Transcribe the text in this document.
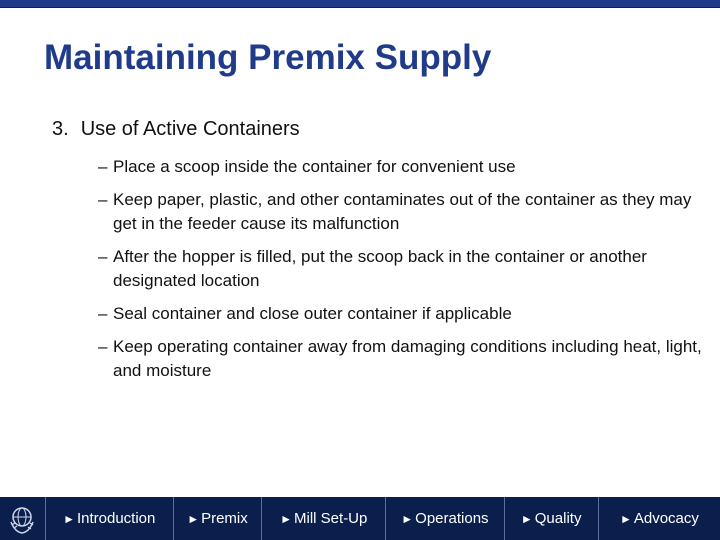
Maintaining Premix Supply
3. Use of Active Containers
– Place a scoop inside the container for convenient use
– Keep paper, plastic, and other contaminates out of the container as they may get in the feeder cause its malfunction
– After the hopper is filled, put the scoop back in the container or another designated location
– Seal container and close outer container if applicable
– Keep operating container away from damaging conditions including heat, light, and moisture
► Introduction	► Premix	► Mill Set-Up	► Operations	► Quality	► Advocacy
